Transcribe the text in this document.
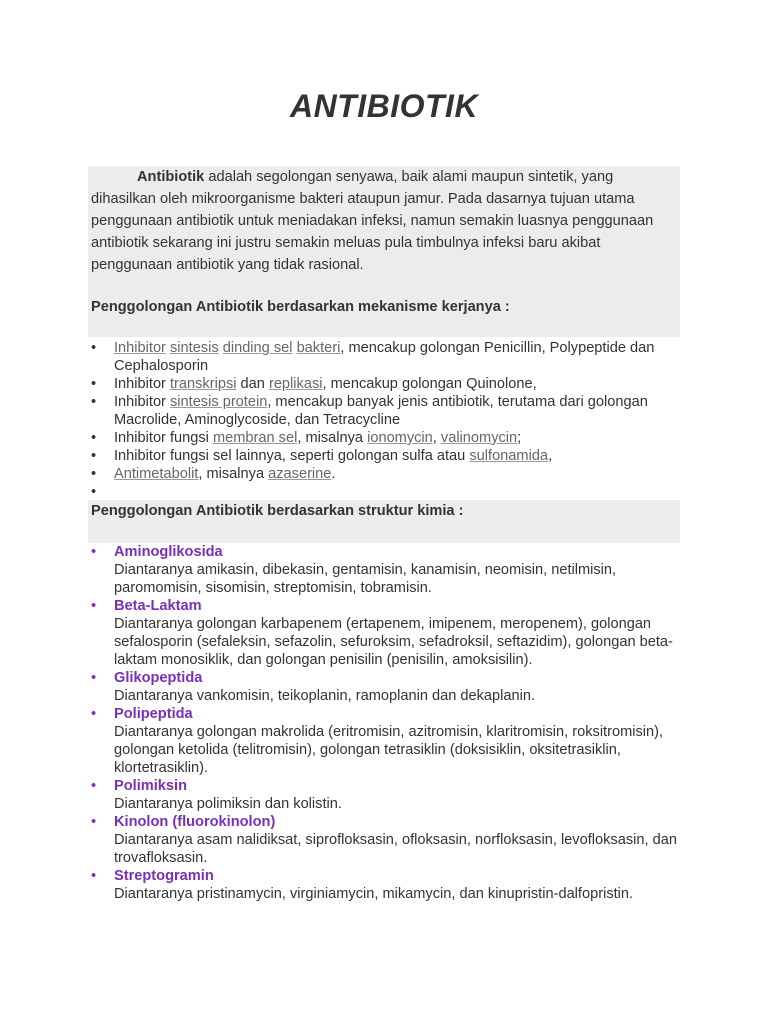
ANTIBIOTIK
Antibiotik adalah segolongan senyawa, baik alami maupun sintetik, yang dihasilkan oleh mikroorganisme bakteri ataupun jamur. Pada dasarnya tujuan utama penggunaan antibiotik untuk meniadakan infeksi, namun semakin luasnya penggunaan antibiotik sekarang ini justru semakin meluas pula timbulnya infeksi baru akibat penggunaan antibiotik yang tidak rasional.
Penggolongan Antibiotik berdasarkan mekanisme kerjanya :
•	Inhibitor sintesis dinding sel bakteri, mencakup golongan Penicillin, Polypeptide dan Cephalosporin
•	Inhibitor transkripsi dan replikasi, mencakup golongan Quinolone,
•	Inhibitor sintesis protein, mencakup banyak jenis antibiotik, terutama dari golongan Macrolide, Aminoglycoside, dan Tetracycline
•	Inhibitor fungsi membran sel, misalnya ionomycin, valinomycin;
•	Inhibitor fungsi sel lainnya, seperti golongan sulfa atau sulfonamida,
•	Antimetabolit, misalnya azaserine.
•

Penggolongan Antibiotik berdasarkan struktur kimia :
•	Aminoglikosida
Diantaranya amikasin, dibekasin, gentamisin, kanamisin, neomisin, netilmisin, paromomisin, sisomisin, streptomisin, tobramisin.
•	Beta-Laktam
Diantaranya golongan karbapenem (ertapenem, imipenem, meropenem), golongan sefalosporin (sefaleksin, sefazolin, sefuroksim, sefadroksil, seftazidim), golongan beta-laktam monosiklik, dan golongan penisilin (penisilin, amoksisilin).
•	Glikopeptida
Diantaranya vankomisin, teikoplanin, ramoplanin dan dekaplanin.
•	Polipeptida
Diantaranya golongan makrolida (eritromisin, azitromisin, klaritromisin, roksitromisin), golongan ketolida (telitromisin), golongan tetrasiklin (doksisiklin, oksitetrasiklin, klortetrasiklin).
•	Polimiksin
Diantaranya polimiksin dan kolistin.
•	Kinolon (fluorokinolon)
Diantaranya asam nalidiksat, siprofloksasin, ofloksasin, norfloksasin, levofloksasin, dan trovafloksasin.
•	Streptogramin
Diantaranya pristinamycin, virginiamycin, mikamycin, dan kinupristin-dalfopristin.
